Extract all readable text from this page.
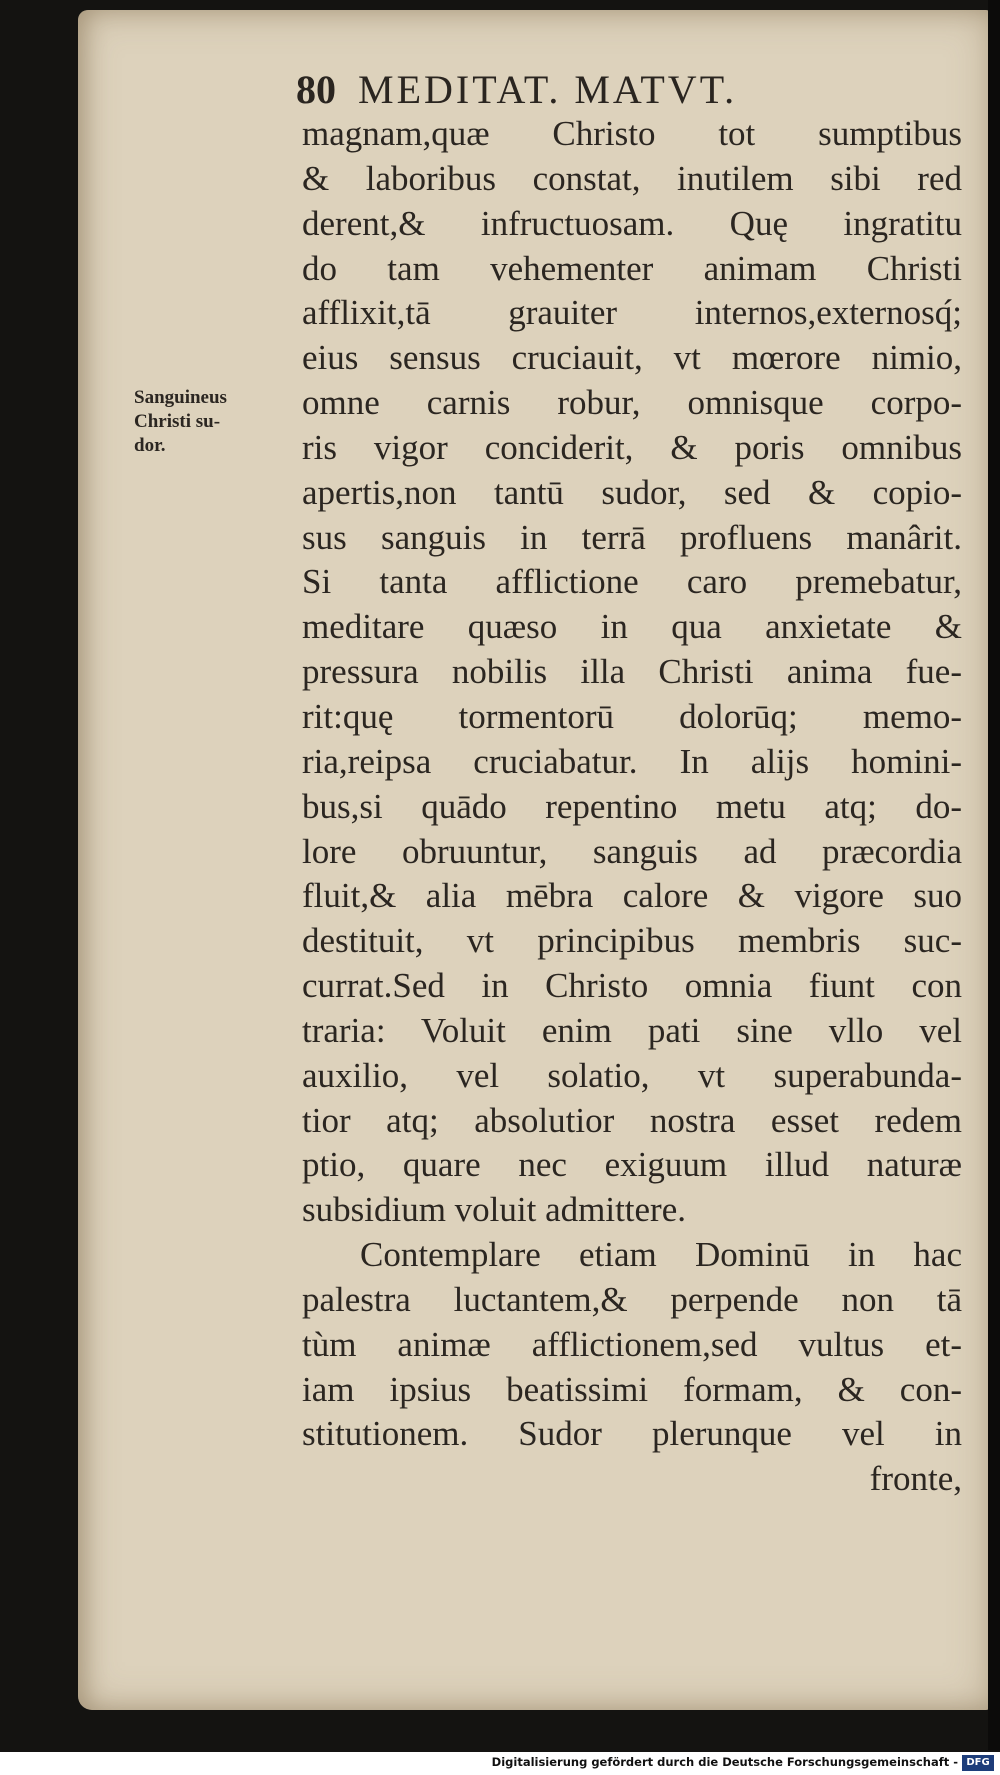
80 MEDITAT. MATVT.
Sanguineus
Christi su-
dor.
magnam,quæ Christo tot sumptibus
& laboribus constat, inutilem sibi red
derent,& infructuosam. Quę ingratitu
do tam vehementer animam Christi
afflixit,tā grauiter internos,externosq́;
eius sensus cruciauit, vt mœrore nimio,
omne carnis robur, omnisque corpo-
ris vigor conciderit, & poris omnibus
apertis,non tantū sudor, sed & copio-
sus sanguis in terrā profluens manârit.
Si tanta afflictione caro premebatur,
meditare quæso in qua anxietate &
pressura nobilis illa Christi anima fue-
rit:quę tormentorū dolorūq; memo-
ria,reipsa cruciabatur. In alijs homini-
bus,si quādo repentino metu atq; do-
lore obruuntur, sanguis ad præcordia
fluit,& alia mēbra calore & vigore suo
destituit, vt principibus membris suc-
currat.Sed in Christo omnia fiunt con
traria: Voluit enim pati sine vllo vel
auxilio, vel solatio, vt superabunda-
tior atq; absolutior nostra esset redem
ptio, quare nec exiguum illud naturæ
subsidium voluit admittere.
Contemplare etiam Dominū in hac
palestra luctantem,& perpende non tā
tùm animæ afflictionem,sed vultus et-
iam ipsius beatissimi formam, & con-
stitutionem. Sudor plerunque vel in
fronte,
Digitalisierung gefördert durch die Deutsche Forschungsgemeinschaft - DFG
